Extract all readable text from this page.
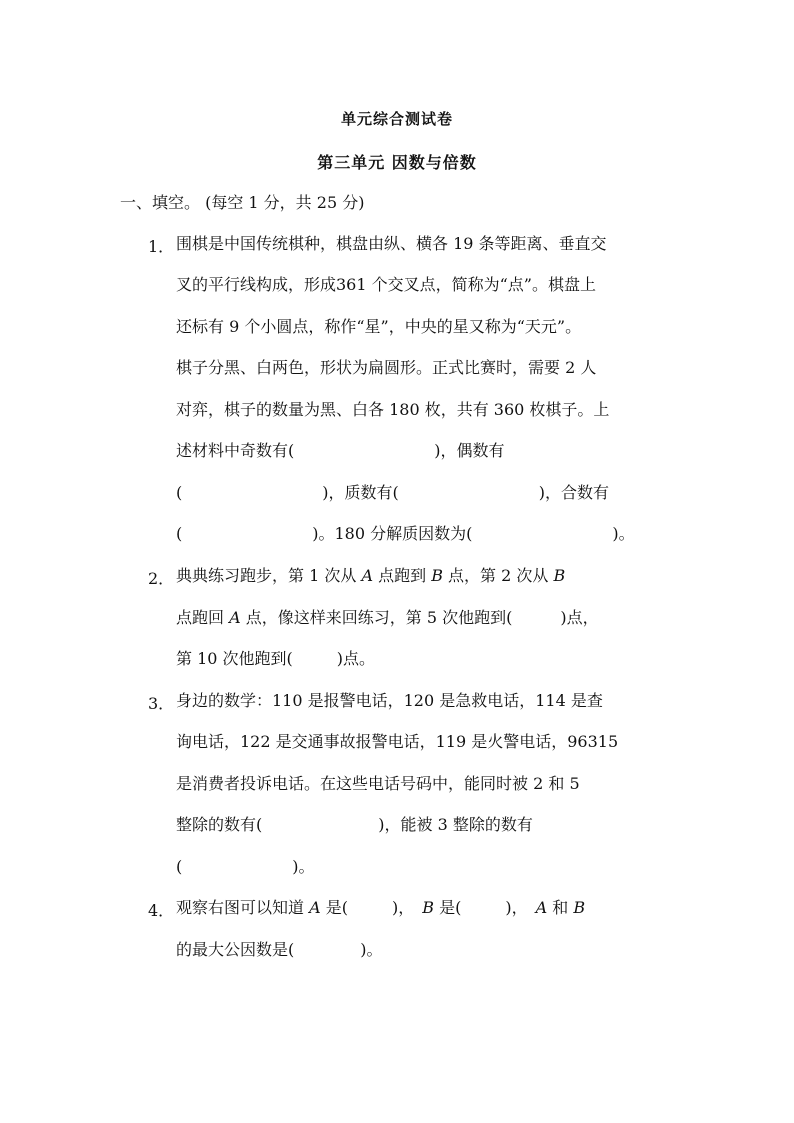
单元综合测试卷
第三单元 因数与倍数
一、填空。 (每空 1 分，共 25 分)
1． 围棋是中国传统棋种，棋盘由纵、横各 19 条等距离、垂直交
叉的平行线构成，形成361 个交叉点，简称为“点”。棋盘上
还标有 9 个小圆点，称作“星”，中央的星又称为“天元”。
棋子分黑、白两色，形状为扁圆形。正式比赛时，需要 2 人
对弈，棋子的数量为黑、白各 180 枚，共有 360 枚棋子。上
述材料中奇数有(	)，偶数有
(	)，质数有(	)，合数有
(	)。180 分解质因数为(	)。
2． 典典练习跑步，第 1 次从 A 点跑到 B 点，第 2 次从 B
点跑回 A 点，像这样来回练习，第 5 次他跑到(	)点，
第 10 次他跑到(	)点。
3． 身边的数学：110 是报警电话，120 是急救电话，114 是查
询电话，122 是交通事故报警电话，119 是火警电话，96315
是消费者投诉电话。在这些电话号码中，能同时被 2 和 5
整除的数有(	)，能被 3 整除的数有
(	)。
4． 观察右图可以知道 A 是(	)， B 是(	)， A 和 B
的最大公因数是(	)。
